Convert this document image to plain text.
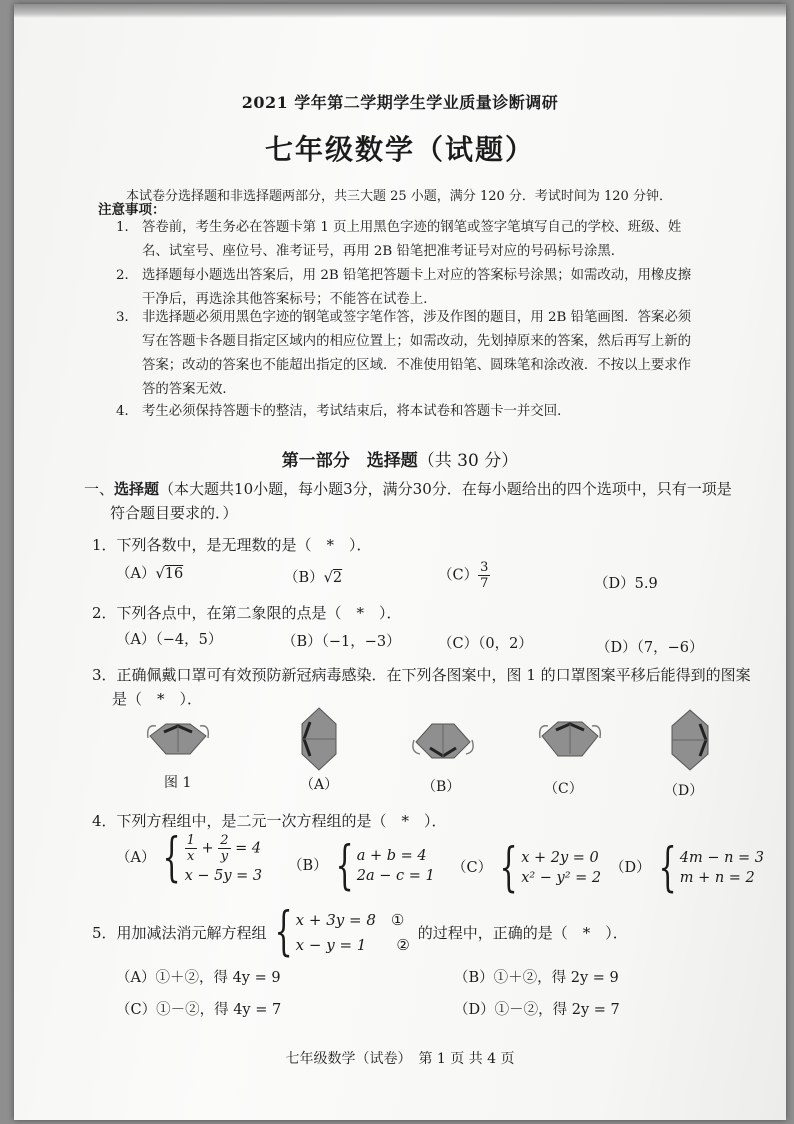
2021 学年第二学期学生学业质量诊断调研
七年级数学（试题）
本试卷分选择题和非选择题两部分，共三大题 25 小题，满分 120 分．考试时间为 120 分钟．
注意事项：
1． 答卷前，考生务必在答题卡第 1 页上用黑色字迹的钢笔或签字笔填写自己的学校、班级、姓名、试室号、座位号、准考证号，再用 2B 铅笔把准考证号对应的号码标号涂黑．
2． 选择题每小题选出答案后，用 2B 铅笔把答题卡上对应的答案标号涂黑；如需改动，用橡皮擦干净后，再选涂其他答案标号；不能答在试卷上．
3． 非选择题必须用黑色字迹的钢笔或签字笔作答，涉及作图的题目，用 2B 铅笔画图．答案必须写在答题卡各题目指定区域内的相应位置上；如需改动，先划掉原来的答案，然后再写上新的答案；改动的答案也不能超出指定的区域．不准使用铅笔、圆珠笔和涂改液．不按以上要求作答的答案无效．
4． 考生必须保持答题卡的整洁，考试结束后，将本试卷和答题卡一并交回．
第一部分　选择题（共 30 分）
一、选择题（本大题共10小题，每小题3分，满分30分．在每小题给出的四个选项中，只有一项是
符合题目要求的．）
1．下列各数中，是无理数的是（　*　）．
（A）√16	（B）√2	$(C) \frac{3}{7}$	（D）5.9
2．下列各点中，在第二象限的点是（　*　）．
（A）（−4，5）	（B）（−1，−3）	（C）（0，2）	（D）（7，−6）
3．正确佩戴口罩可有效预防新冠病毒感染．在下列各图案中，图 1 的口罩图案平移后能得到的图案
是（　*　）．
图 1	（A）	（B）	（C）	（D）
4．下列方程组中，是二元一次方程组的是（　*　）．
（A） { $\frac{1}{x} + \frac{2}{y} = 4$
x − 5y = 3
（B） { a + b = 4
2a − c = 1 （C） { x + 2y = 0
x² − y² = 2
（D） { 4m − n = 3
m + n = 2
5．用加减法消元解方程组 { x + 3y = 8　 ①
x − y = 1　　 ②
的过程中，正确的是（　*　）．
（A）①＋②，得 4y = 9	（B）①＋②，得 2y = 9
（C）①－②，得 4y = 7	（D）①－②，得 2y = 7
七年级数学（试卷）　第 1 页 共 4 页
